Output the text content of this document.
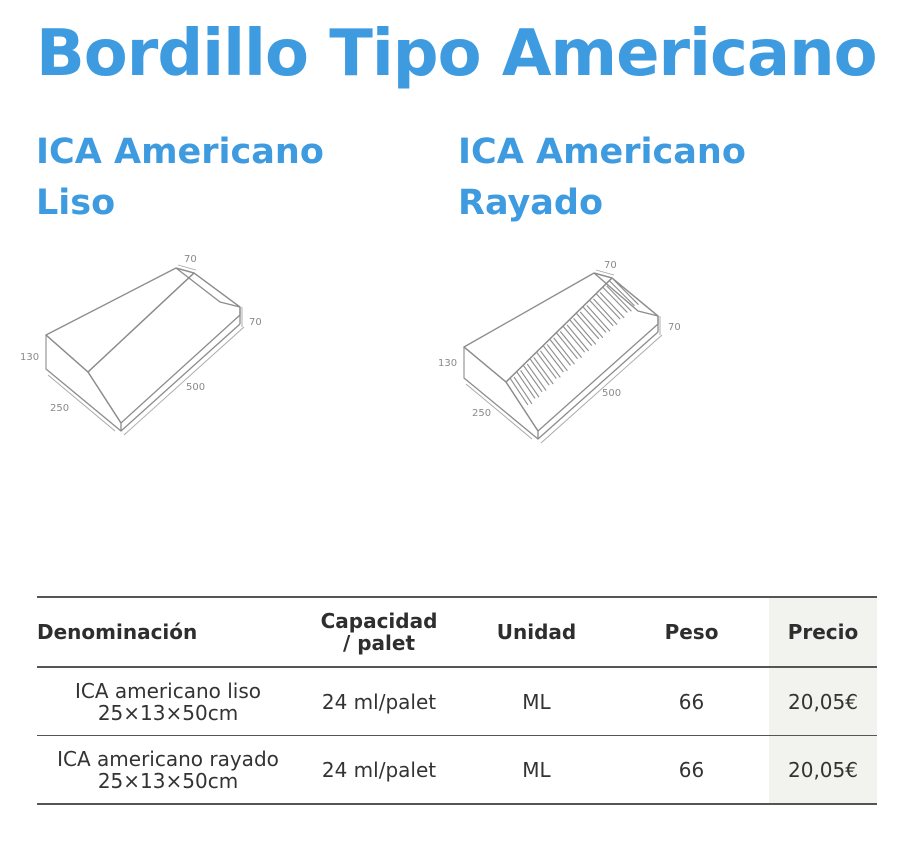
Bordillo Tipo Americano
ICA Americano
Liso
ICA Americano
Rayado
70
70
130
250
500
70
70
130
250
500
Denominación	Capacidad
/ palet	Unidad	Peso	Precio

ICA americano liso
25×13×50cm	24 ml/palet	ML	66	20,05€

ICA americano rayado
25×13×50cm	24 ml/palet	ML	66	20,05€
